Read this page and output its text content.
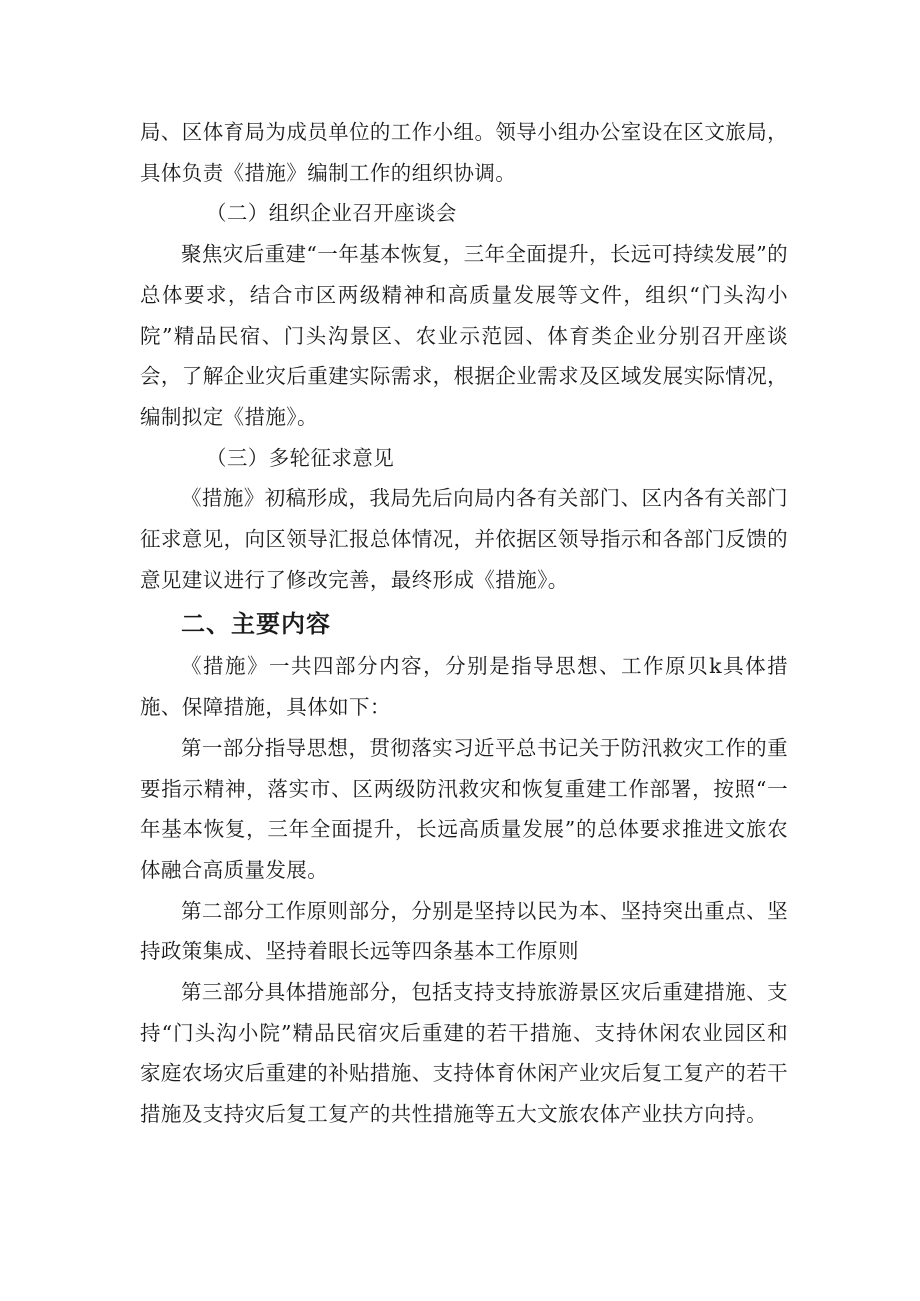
局、区体育局为成员单位的工作小组。领导小组办公室设在区文旅局，具体负责《措施》编制工作的组织协调。

（二）组织企业召开座谈会

聚焦灾后重建“一年基本恢复，三年全面提升，长远可持续发展”的总体要求，结合市区两级精神和高质量发展等文件，组织“门头沟小院”精品民宿、门头沟景区、农业示范园、体育类企业分别召开座谈会，了解企业灾后重建实际需求，根据企业需求及区域发展实际情况，编制拟定《措施》。

（三）多轮征求意见

《措施》初稿形成，我局先后向局内各有关部门、区内各有关部门征求意见，向区领导汇报总体情况，并依据区领导指示和各部门反馈的意见建议进行了修改完善，最终形成《措施》。

二、主要内容

《措施》一共四部分内容，分别是指导思想、工作原贝k具体措施、保障措施，具体如下：

第一部分指导思想，贯彻落实习近平总书记关于防汛救灾工作的重要指示精神，落实市、区两级防汛救灾和恢复重建工作部署，按照“一年基本恢复，三年全面提升，长远高质量发展”的总体要求推进文旅农体融合高质量发展。

第二部分工作原则部分，分别是坚持以民为本、坚持突出重点、坚持政策集成、坚持着眼长远等四条基本工作原则

第三部分具体措施部分，包括支持支持旅游景区灾后重建措施、支持“门头沟小院”精品民宿灾后重建的若干措施、支持休闲农业园区和家庭农场灾后重建的补贴措施、支持体育休闲产业灾后复工复产的若干措施及支持灾后复工复产的共性措施等五大文旅农体产业扶方向持。
